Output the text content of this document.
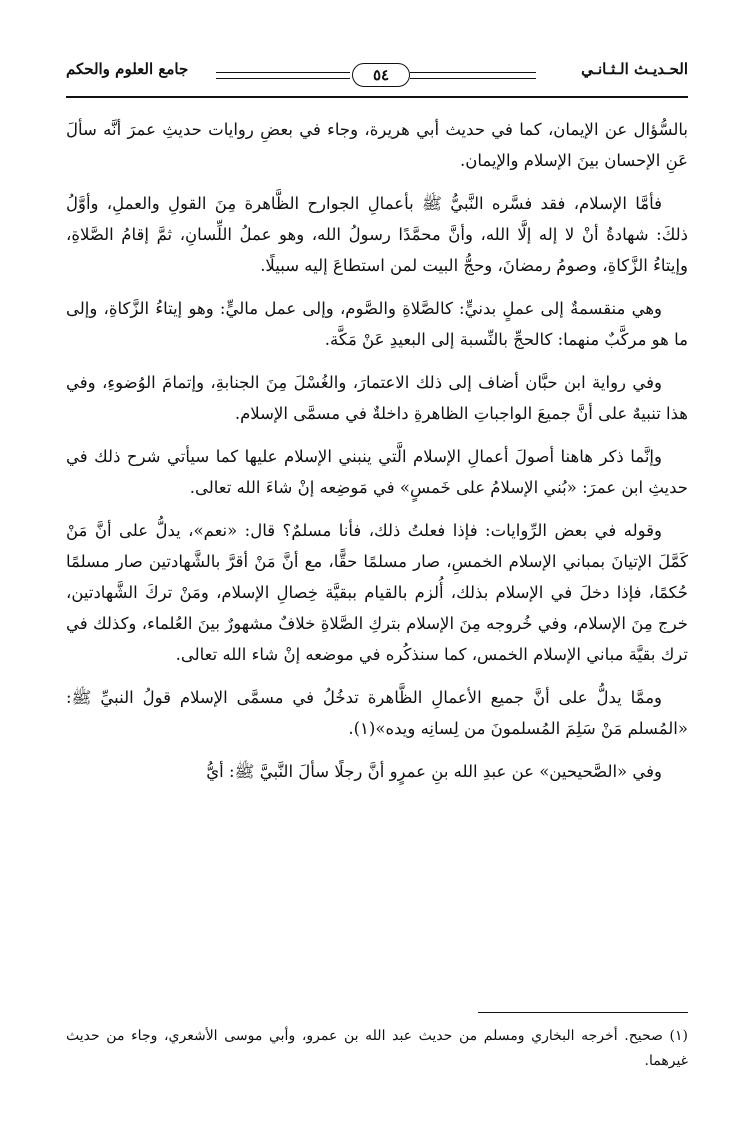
جامع العلوم والحكم	٥٤	الحـديـث الـثـانـي

بالسُّؤال عن الإيمان، كما في حديث أبي هريرة، وجاء في بعضِ روايات حديثِ عمرَ أنَّه سألَ عَنِ الإحسان بينَ الإسلام والإيمان.

فأمَّا الإسلام، فقد فسَّره النَّبيُّ ﷺ بأعمالِ الجوارح الظَّاهرة مِنَ القولِ والعملِ، وأوَّلُ ذلكَ: شهادةُ أنْ لا إله إلَّا الله، وأنَّ محمَّدًا رسولُ الله، وهو عملُ اللِّسانِ، ثمَّ إقامُ الصَّلاةِ، وإيتاءُ الزَّكاةِ، وصومُ رمضانَ، وحجُّ البيت لمن استطاعَ إليه سبيلًا.

وهي منقسمةٌ إلى عملٍ بدنيٍّ: كالصَّلاةِ والصَّوم، وإلى عمل ماليٍّ: وهو إيتاءُ الزَّكاةِ، وإلى ما هو مركَّبٌ منهما: كالحجِّ بالنِّسبة إلى البعيدِ عَنْ مَكَّة.

وفي رواية ابن حبَّان أضاف إلى ذلك الاعتمارَ، والغُسْلَ مِنَ الجنابةِ، وإتمامَ الوُضوءِ، وفي هذا تنبيهٌ على أنَّ جميعَ الواجباتِ الظاهرةِ داخلةٌ في مسمَّى الإسلام.

وإنَّما ذكر هاهنا أصولَ أعمالِ الإسلام الَّتي ينبني الإسلام عليها كما سيأتي شرح ذلك في حديثِ ابن عمرَ: «بُني الإسلامُ على خَمسٍ» في مَوضِعه إنْ شاءَ الله تعالى.

وقوله في بعض الرِّوايات: فإذا فعلتُ ذلك، فأنا مسلمٌ؟ قال: «نعم»، يدلُّ على أنَّ مَنْ كَمَّلَ الإتيانَ بمباني الإسلام الخمسِ، صار مسلمًا حقًّا، مع أنَّ مَنْ أقرَّ بالشَّهادتين صار مسلمًا حُكمًا، فإذا دخلَ في الإسلام بذلك، أُلزم بالقيام ببقيَّة خِصالِ الإسلام، ومَنْ تركَ الشَّهادتين، خرج مِنَ الإسلام، وفي خُروجه مِنَ الإسلام بتركِ الصَّلاةِ خلافٌ مشهورٌ بينَ العُلماء، وكذلك في ترك بقيَّة مباني الإسلام الخمس، كما سنذكُره في موضعه إنْ شاء الله تعالى.

وممَّا يدلُّ على أنَّ جميع الأعمالِ الظَّاهرة تدخُلُ في مسمَّى الإسلام قولُ النبيِّ ﷺ: «المُسلم مَنْ سَلِمَ المُسلمونَ من لِسانِه ويده»(١).

وفي «الصَّحيحين» عن عبدِ الله بنِ عمرٍو أنَّ رجلًا سألَ النَّبيَّ ﷺ: أيُّ

(١) صحيح. أخرجه البخاري ومسلم من حديث عبد الله بن عمرو، وأبي موسى الأشعري، وجاء من حديث غيرهما.
